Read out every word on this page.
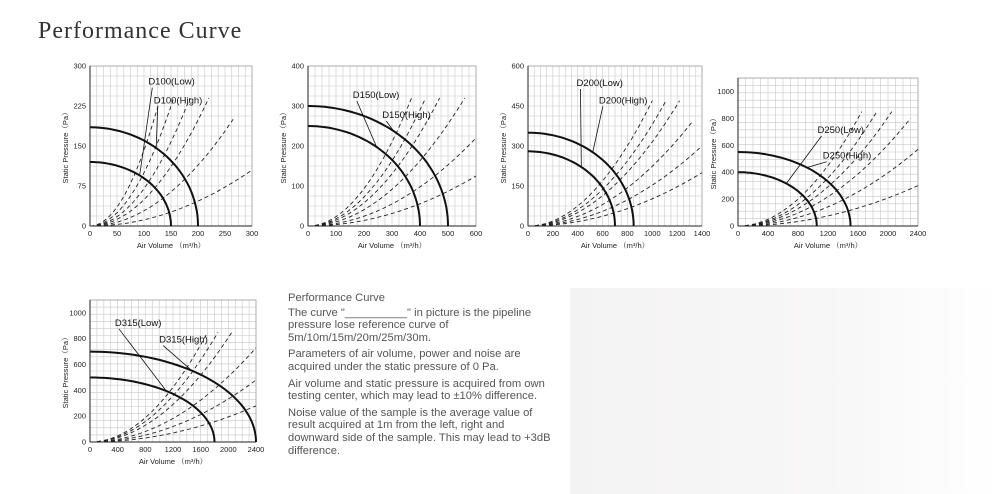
Performance Curve
0	50 100 150 200 250 300
0
75
150
225
300
Air Volume （m³/h）
Static Pressure（Pa）
D100(Low)
D100(High)
0	100 200 300 400 500 600
0
100
200
300
400
Air Volume （m³/h）
Static Pressure（Pa）
D150(Low)
D150(High)
0 200 400 600 800 1000 1200 1400
0
150
300
450
600
Air Volume （m³/h）
Static Pressure（Pa）
D200(Low)
D200(High)
0	400 800 1200 1600 2000 2400
0
200
400
600
800
1000
Air Volume （m³/h）
Static Pressure（Pa）	D250(Low)
D250(High)
0	400 800 1200 1600 2000 2400
0
200
400
600
800
1000
Air Volume （m³/h）
Static Pressure（Pa）
D315(Low)
D315(High)

Performance Curve

The curve "__________" in picture is the pipeline pressure lose reference curve of 5m/10m/15m/20m/25m/30m.

Parameters of air volume, power and noise are acquired under the static pressure of 0 Pa.

Air volume and static pressure is acquired from own testing center, which may lead to ±10% difference.

Noise value of the sample is the average value of result acquired at 1m from the left, right and downward side of the sample. This may lead to +3dB difference.
